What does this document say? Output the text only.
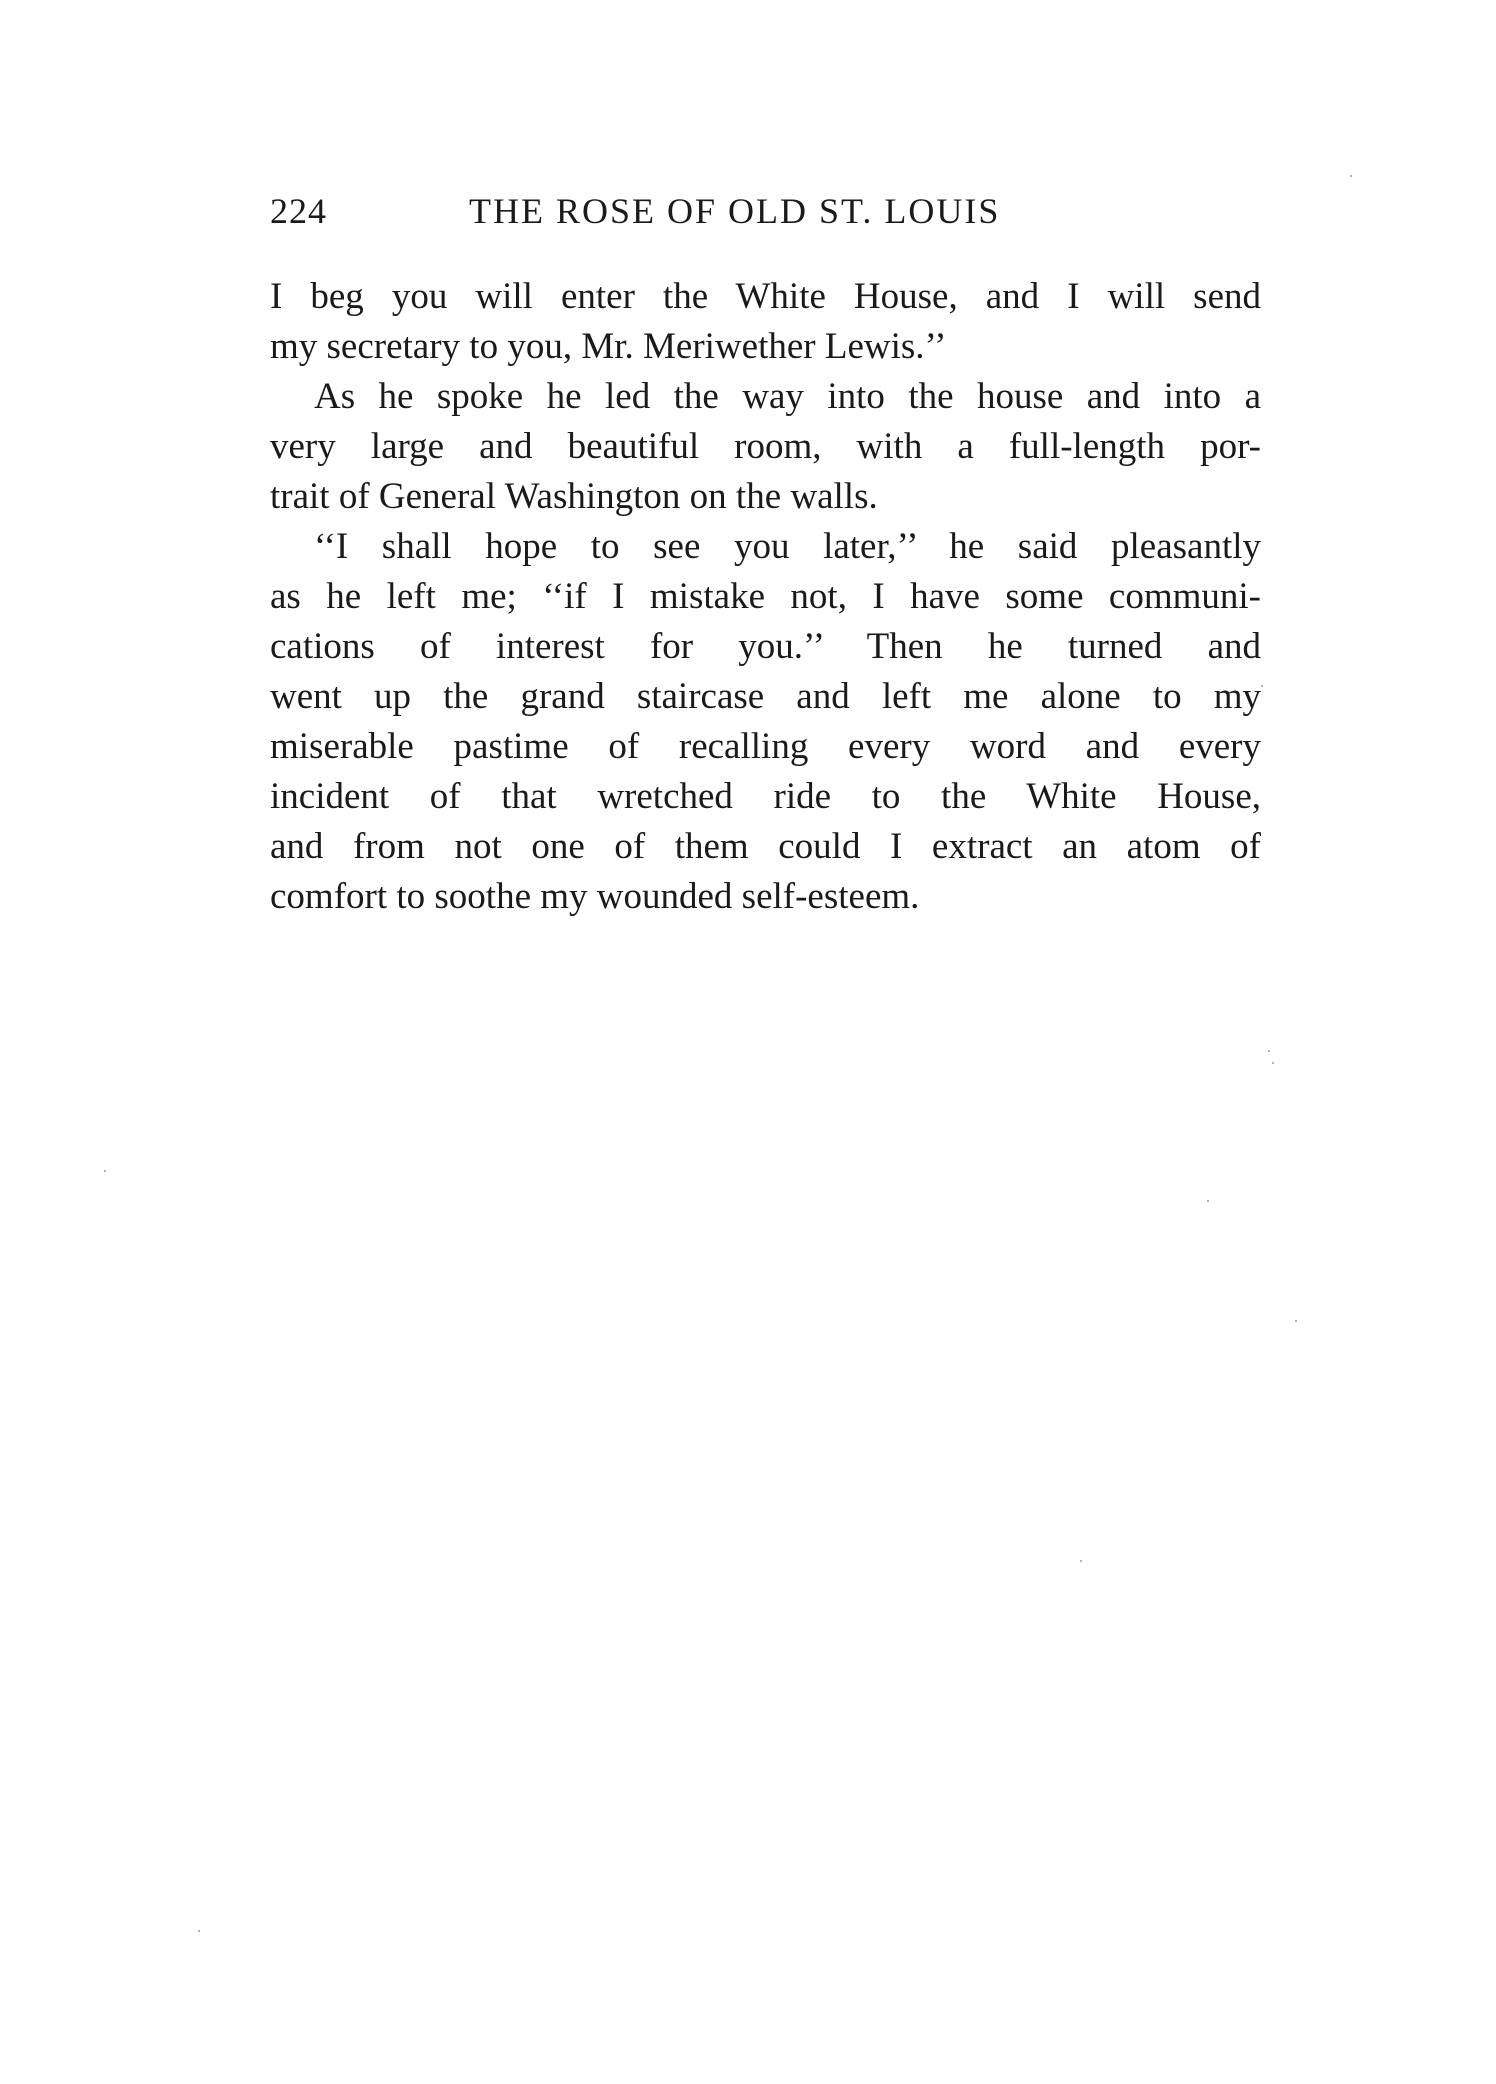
224	THE ROSE OF OLD ST. LOUIS
I beg you will enter the White House, and I will send
my secretary to you, Mr. Meriwether Lewis.’’
As he spoke he led the way into the house and into a
very large and beautiful room, with a full-length por-
trait of General Washington on the walls.
‘‘I shall hope to see you later,’’ he said pleasantly
as he left me; ‘‘if I mistake not, I have some communi-
cations of interest for you.’’ Then he turned and
went up the grand staircase and left me alone to my
miserable pastime of recalling every word and every
incident of that wretched ride to the White House,
and from not one of them could I extract an atom of
comfort to soothe my wounded self-esteem.
